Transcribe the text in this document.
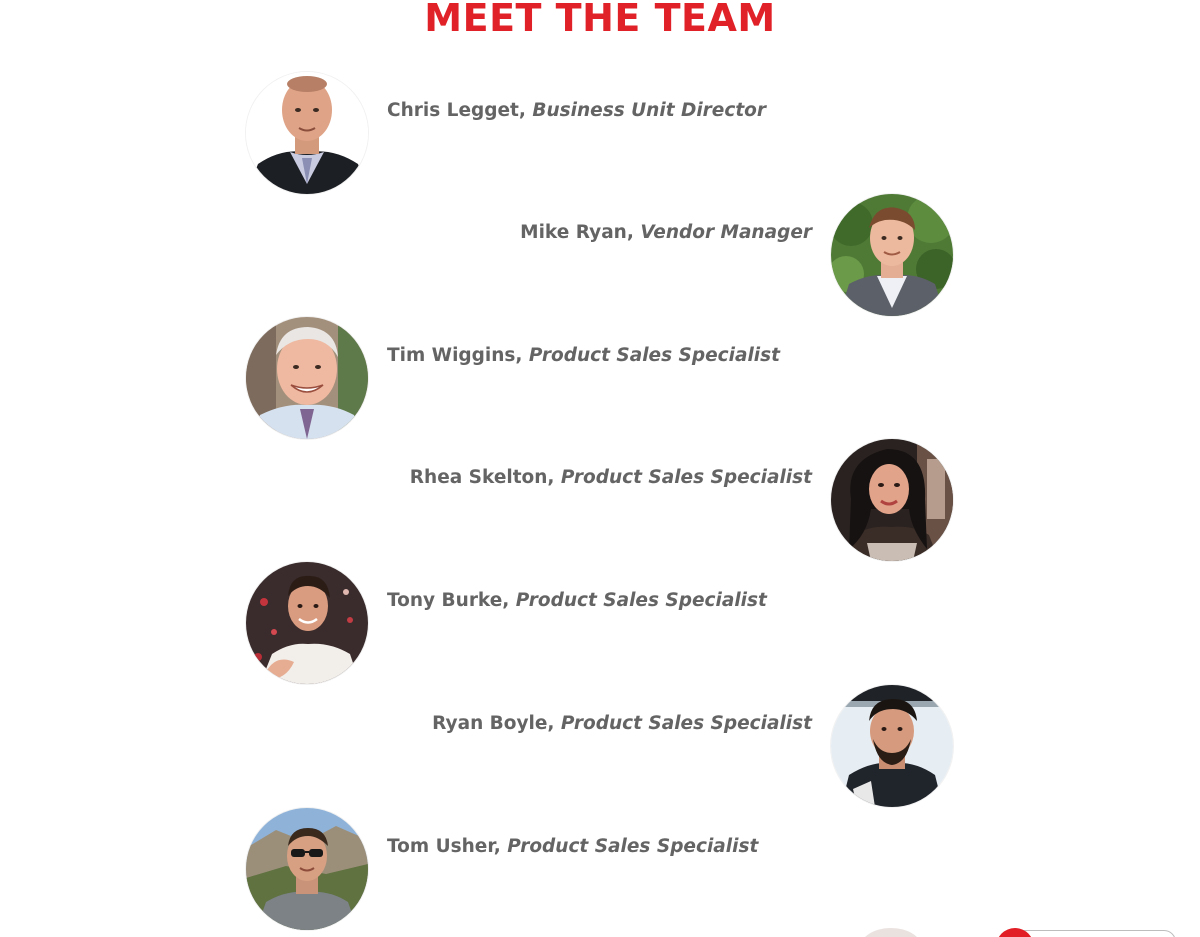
MEET THE TEAM
Chris Legget, Business Unit Director
Mike Ryan, Vendor Manager
Tim Wiggins, Product Sales Specialist
Rhea Skelton, Product Sales Specialist
Tony Burke, Product Sales Specialist
Ryan Boyle, Product Sales Specialist
Tom Usher, Product Sales Specialist
